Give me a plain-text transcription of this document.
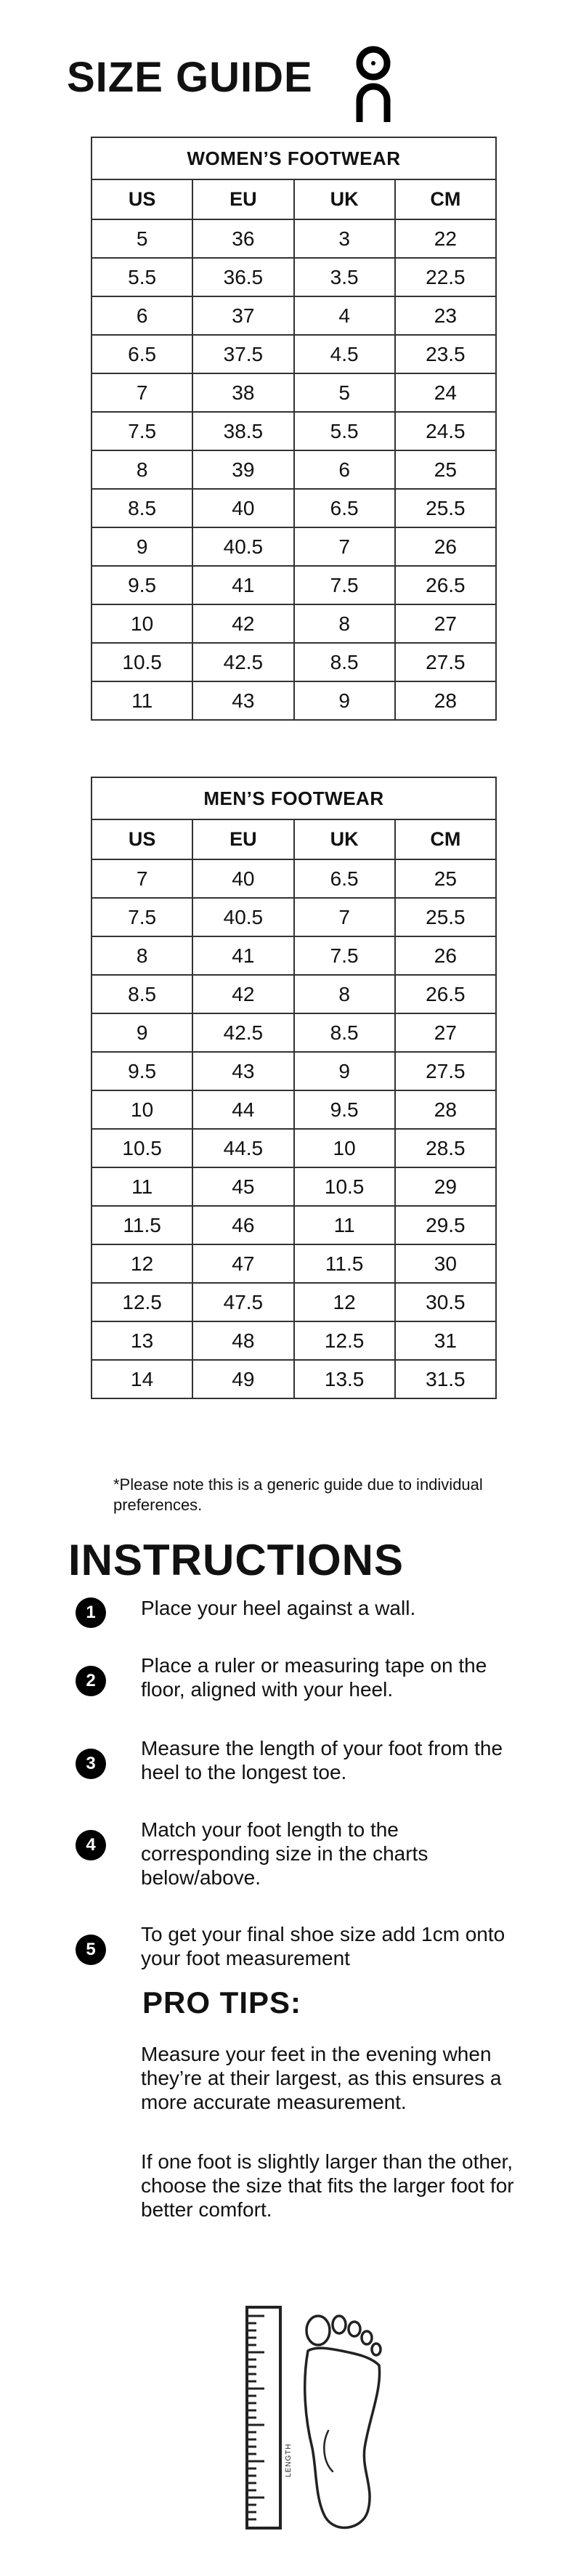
SIZE GUIDE
WOMEN’S FOOTWEAR			
US	EU	UK	CM
5	36	3	22
5.5	36.5	3.5	22.5
6	37	4	23
6.5	37.5	4.5	23.5
7	38	5	24
7.5	38.5	5.5	24.5
8	39	6	25
8.5	40	6.5	25.5
9	40.5	7	26
9.5	41	7.5	26.5
10	42	8	27
10.5	42.5	8.5	27.5
11	43	9	28
MEN’S FOOTWEAR			
US	EU	UK	CM
7	40	6.5	25
7.5	40.5	7	25.5
8	41	7.5	26
8.5	42	8	26.5
9	42.5	8.5	27
9.5	43	9	27.5
10	44	9.5	28
10.5	44.5	10	28.5
11	45	10.5	29
11.5	46	11	29.5
12	47	11.5	30
12.5	47.5	12	30.5
13	48	12.5	31
14	49	13.5	31.5
*Please note this is a generic guide due to individual preferences.
INSTRUCTIONS
1	Place your heel against a wall.
2
Place a ruler or measuring tape on the floor, aligned with your heel.
3
Measure the length of your foot from the heel to the longest toe.
4
Match your foot length to the corresponding size in the charts below/above.
5
To get your final shoe size add 1cm onto your foot measurement
PRO TIPS:
Measure your feet in the evening when they’re at their largest, as this ensures a more accurate measurement.
If one foot is slightly larger than the other, choose the size that fits the larger foot for better comfort.
LENGTH
